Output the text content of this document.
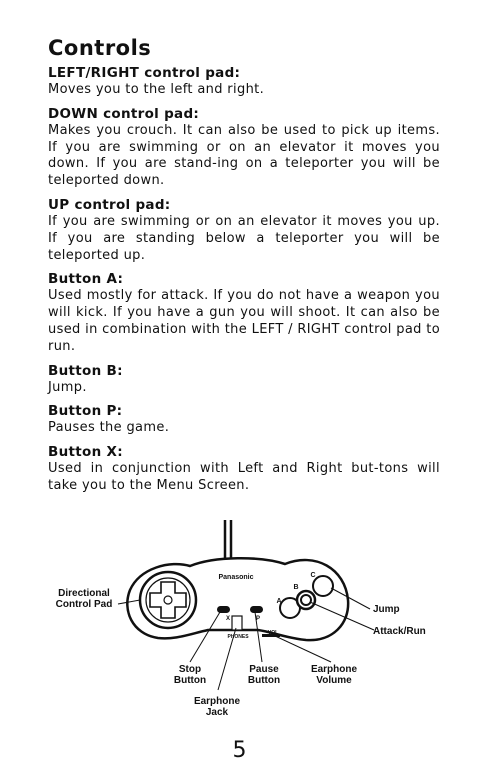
Controls
LEFT/RIGHT control pad:

Moves you to the left and right.

DOWN control pad:

Makes you crouch. It can also be used to pick up items. If you are swimming or on an elevator it moves you down. If you are stand-ing on a teleporter you will be teleported down.

UP control pad:

If you are swimming or on an elevator it moves you up. If you are standing below a teleporter you will be teleported up.

Button A:

Used mostly for attack. If you do not have a weapon you will kick. If you have a gun you will shoot. It can also be used in combination with the LEFT / RIGHT control pad to run.

Button B:

Jump.

Button P:

Pauses the game.

Button X:

Used in conjunction with Left and Right but-tons will take you to the Menu Screen.

Panasonic
X	P
A
B
C
PHONES
VOL
Directional Control Pad	Jump
Attack/Run
Stop Button
Pause Button
Earphone Volume
Earphone Jack
5
